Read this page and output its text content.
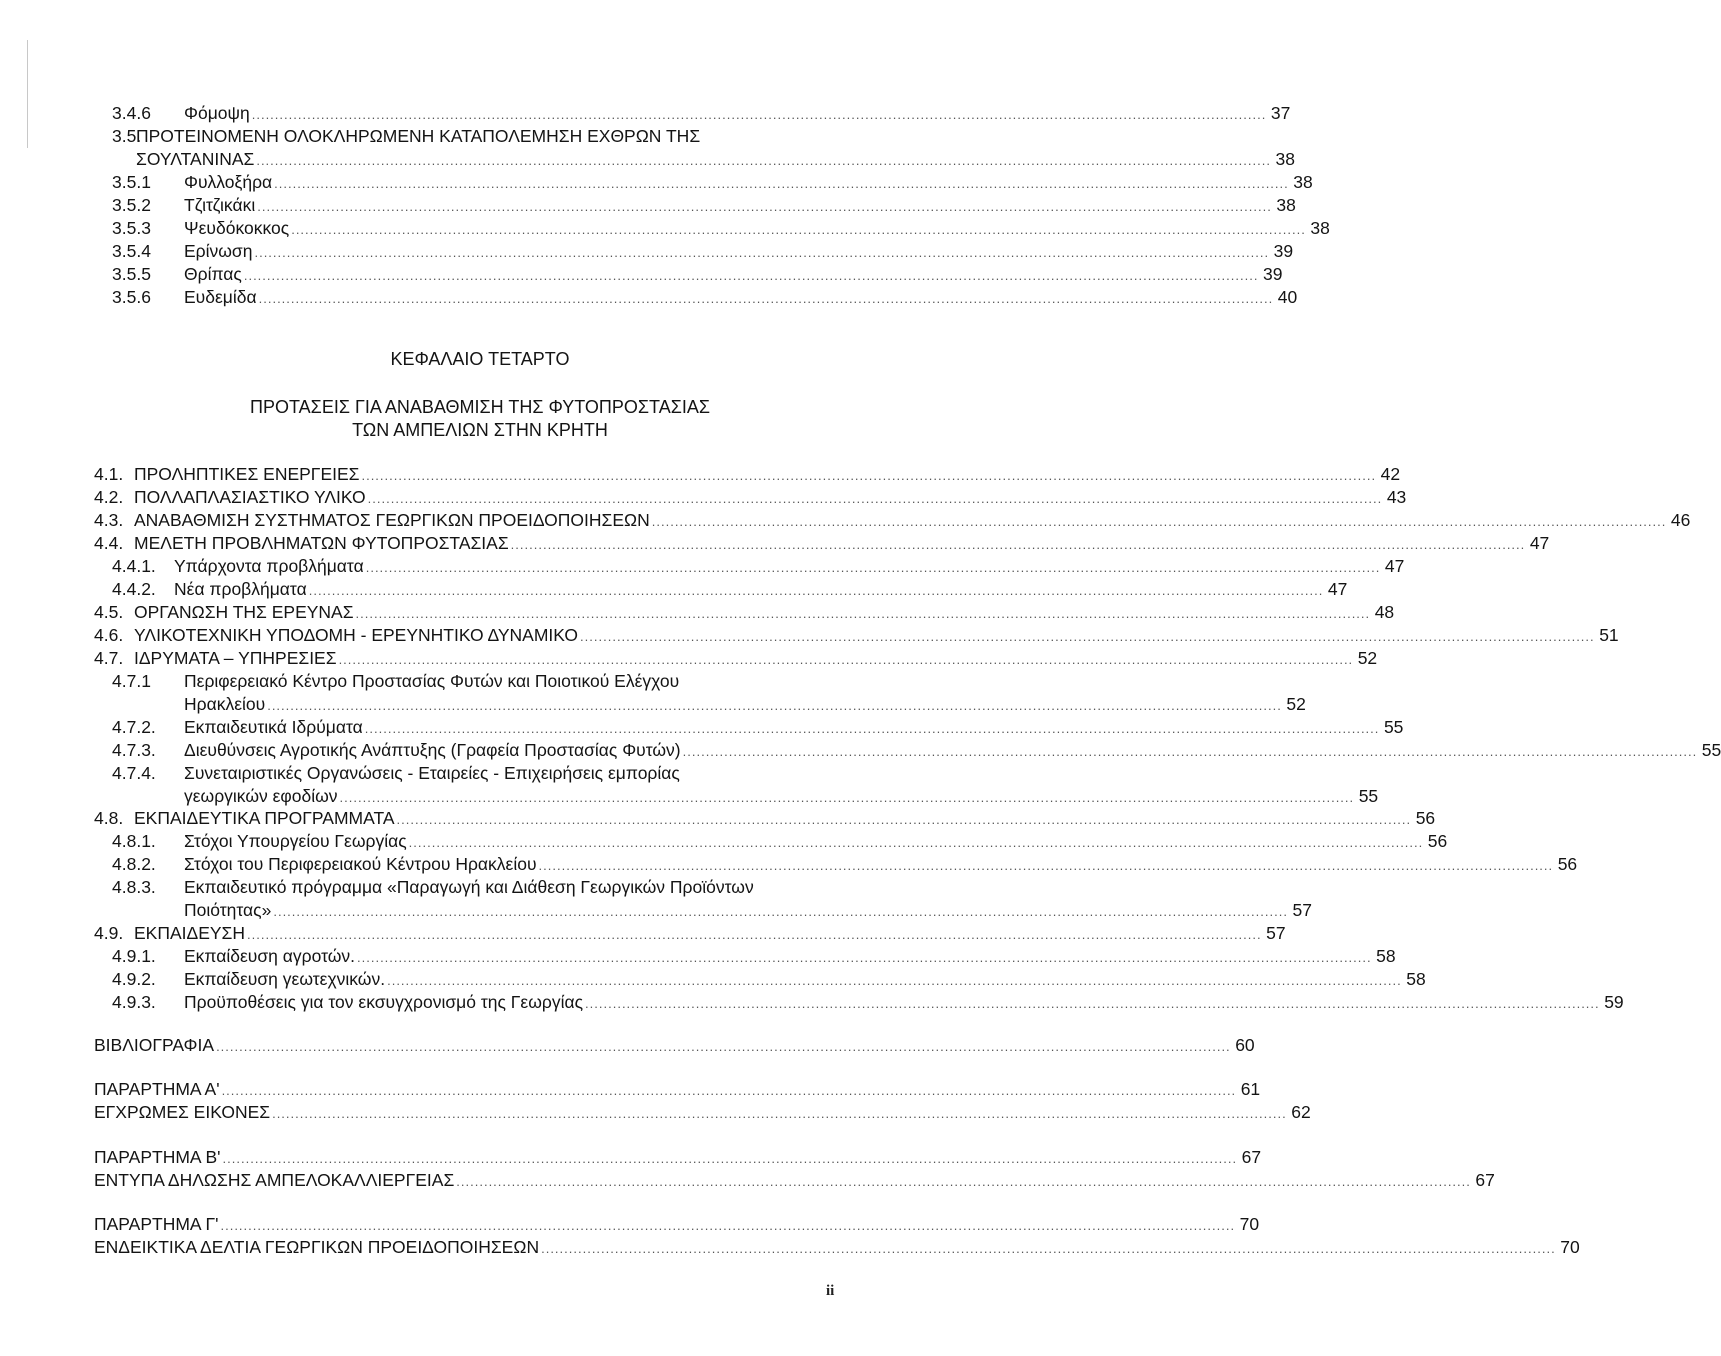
ΚΕΦΑΛΑΙΟ ΤΕΤΑΡΤΟ
ΠΡΟΤΑΣΕΙΣ ΓΙΑ ΑΝΑΒΑΘΜΙΣΗ ΤΗΣ ΦΥΤΟΠΡΟΣΤΑΣΙΑΣ
ΤΩΝ ΑΜΠΕΛΙΩΝ ΣΤΗΝ ΚΡΗΤΗ
3.4.6 Φόμοψη ............................................................................................................................................................................................................................ 37
3.5.
ΠΡΟΤΕΙΝΟΜΕΝΗ ΟΛΟΚΛΗΡΩΜΕΝΗ ΚΑΤΑΠΟΛΕΜΗΣΗ ΕΧΘΡΩΝ ΤΗΣ
ΣΟΥΛΤΑΝΙΝΑΣ ............................................................................................................................................................................................................................ 38
3.5.1 Φυλλοξήρα ............................................................................................................................................................................................................................ 38
3.5.2 Τζιτζικάκι ............................................................................................................................................................................................................................ 38
3.5.3 Ψευδόκοκκος ............................................................................................................................................................................................................................ 38
3.5.4 Ερίνωση ............................................................................................................................................................................................................................ 39
3.5.5 Θρίπας ............................................................................................................................................................................................................................ 39
3.5.6 Ευδεμίδα ............................................................................................................................................................................................................................ 40
4.1. ΠΡΟΛΗΠΤΙΚΕΣ ΕΝΕΡΓΕΙΕΣ ............................................................................................................................................................................................................................ 42
4.2. ΠΟΛΛΑΠΛΑΣΙΑΣΤΙΚΟ ΥΛΙΚΟ ............................................................................................................................................................................................................................ 43
4.3. ΑΝΑΒΑΘΜΙΣΗ ΣΥΣΤΗΜΑΤΟΣ ΓΕΩΡΓΙΚΩΝ ΠΡΟΕΙΔΟΠΟΙΗΣΕΩΝ ............................................................................................................................................................................................................................ 46
4.4. ΜΕΛΕΤΗ ΠΡΟΒΛΗΜΑΤΩΝ ΦΥΤΟΠΡΟΣΤΑΣΙΑΣ ............................................................................................................................................................................................................................ 47
4.4.1. Υπάρχοντα προβλήματα ............................................................................................................................................................................................................................ 47
4.4.2. Νέα προβλήματα ............................................................................................................................................................................................................................ 47
4.5. ΟΡΓΑΝΩΣΗ ΤΗΣ ΕΡΕΥΝΑΣ ............................................................................................................................................................................................................................ 48
4.6. ΥΛΙΚΟΤΕΧΝΙΚΗ ΥΠΟΔΟΜΗ - ΕΡΕΥΝΗΤΙΚΟ ΔΥΝΑΜΙΚΟ ............................................................................................................................................................................................................................ 51
4.7. ΙΔΡΥΜΑΤΑ – ΥΠΗΡΕΣΙΕΣ ............................................................................................................................................................................................................................ 52
4.7.1 Περιφερειακό Κέντρο Προστασίας Φυτών και Ποιοτικού Ελέγχου
Ηρακλείου ............................................................................................................................................................................................................................ 52
4.7.2. Εκπαιδευτικά Ιδρύματα ............................................................................................................................................................................................................................ 55
4.7.3. Διευθύνσεις Αγροτικής Ανάπτυξης (Γραφεία Προστασίας Φυτών) ............................................................................................................................................................................................................................ 55
4.7.4. Συνεταιριστικές Οργανώσεις - Εταιρείες - Επιχειρήσεις εμπορίας
γεωργικών εφοδίων ............................................................................................................................................................................................................................ 55
4.8. ΕΚΠΑΙΔΕΥΤΙΚΑ ΠΡΟΓΡΑΜΜΑΤΑ ............................................................................................................................................................................................................................ 56
4.8.1. Στόχοι Υπουργείου Γεωργίας ............................................................................................................................................................................................................................ 56
4.8.2. Στόχοι του Περιφερειακού Κέντρου Ηρακλείου ............................................................................................................................................................................................................................ 56
4.8.3. Εκπαιδευτικό πρόγραμμα «Παραγωγή και Διάθεση Γεωργικών Προϊόντων
Ποιότητας» ............................................................................................................................................................................................................................ 57
4.9. ΕΚΠΑΙΔΕΥΣΗ ............................................................................................................................................................................................................................ 57
4.9.1. Εκπαίδευση αγροτών. ............................................................................................................................................................................................................................ 58
4.9.2. Εκπαίδευση γεωτεχνικών. ............................................................................................................................................................................................................................ 58
4.9.3. Προϋποθέσεις για τον εκσυγχρονισμό της Γεωργίας ............................................................................................................................................................................................................................ 59
ΒΙΒΛΙΟΓΡΑΦΙΑ ............................................................................................................................................................................................................................ 60
ΠΑΡΑΡΤΗΜΑ Α' ............................................................................................................................................................................................................................ 61
ΕΓΧΡΩΜΕΣ ΕΙΚΟΝΕΣ ............................................................................................................................................................................................................................ 62
ΠΑΡΑΡΤΗΜΑ Β' ............................................................................................................................................................................................................................ 67
ΕΝΤΥΠΑ ΔΗΛΩΣΗΣ ΑΜΠΕΛΟΚΑΛΛΙΕΡΓΕΙΑΣ ............................................................................................................................................................................................................................ 67
ΠΑΡΑΡΤΗΜΑ Γ' ............................................................................................................................................................................................................................ 70
ΕΝΔΕΙΚΤΙΚΑ ΔΕΛΤΙΑ ΓΕΩΡΓΙΚΩΝ ΠΡΟΕΙΔΟΠΟΙΗΣΕΩΝ ............................................................................................................................................................................................................................ 70
ii
